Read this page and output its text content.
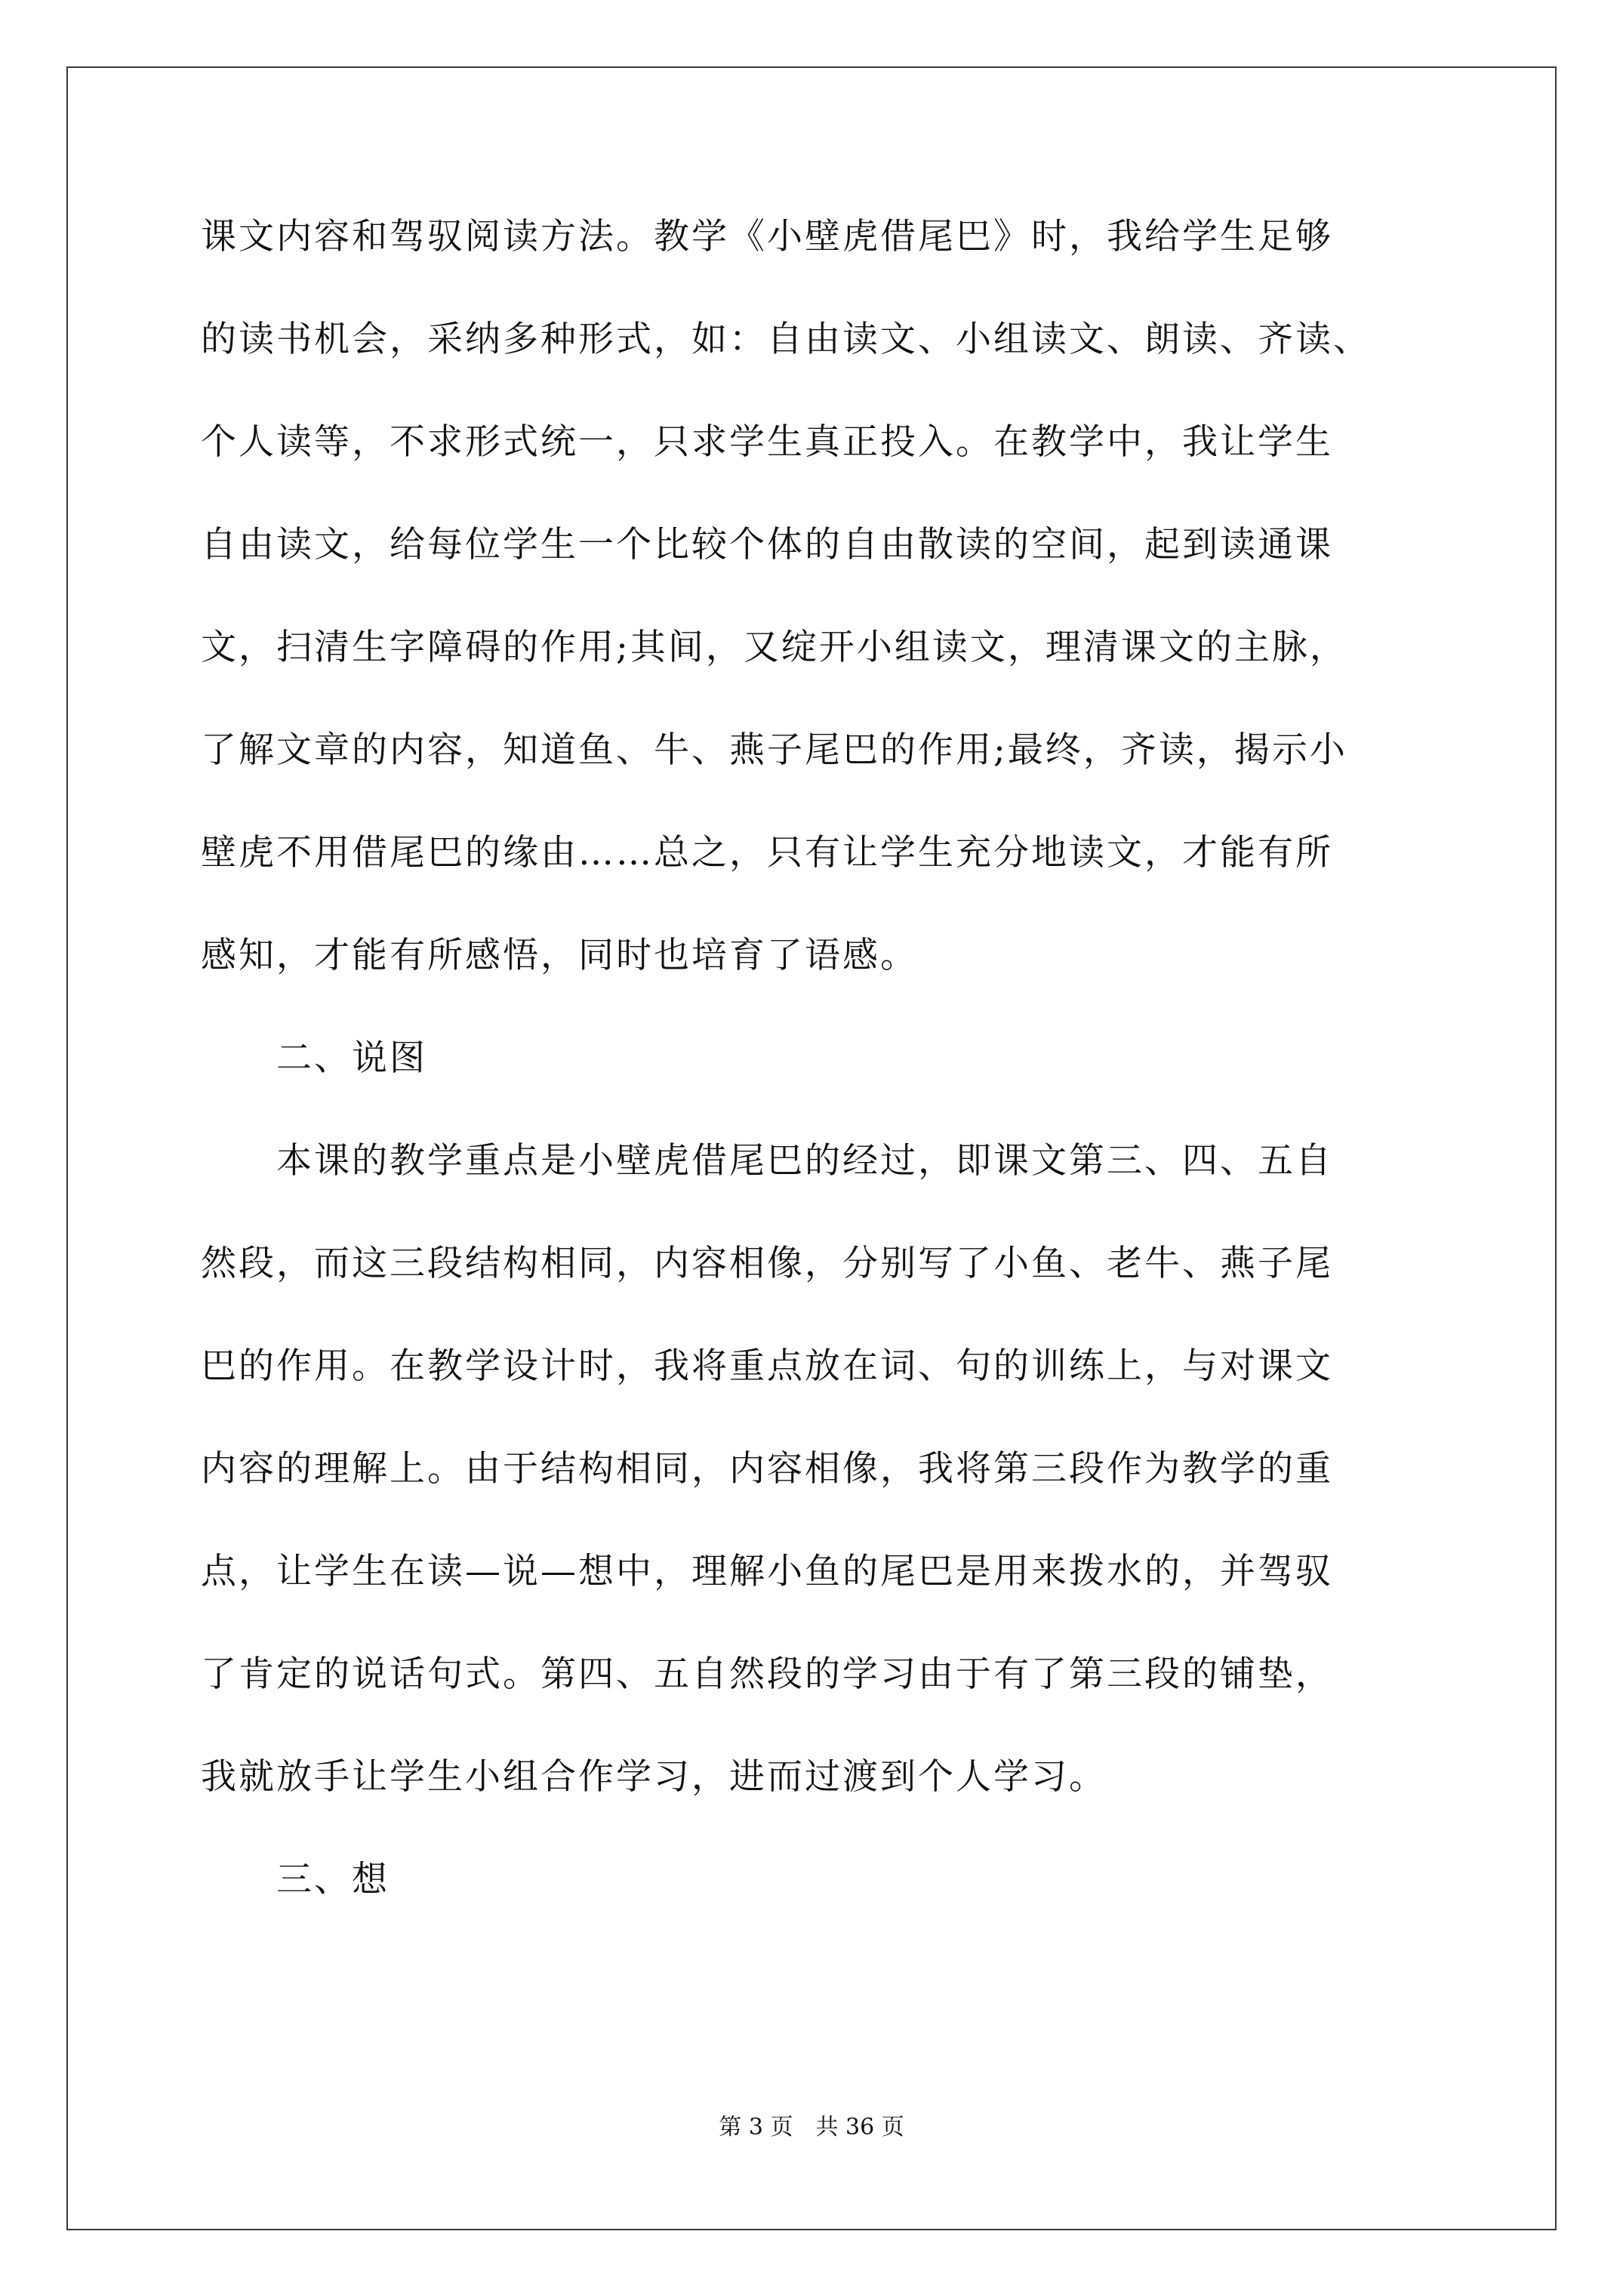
课文内容和驾驭阅读方法。教学《小壁虎借尾巴》时，我给学生足够
的读书机会，采纳多种形式，如：自由读文、小组读文、朗读、齐读、
个人读等，不求形式统一，只求学生真正投入。在教学中，我让学生
自由读文，给每位学生一个比较个体的自由散读的空间，起到读通课
文，扫清生字障碍的作用;其间，又绽开小组读文，理清课文的主脉，
了解文章的内容，知道鱼、牛、燕子尾巴的作用;最终，齐读，揭示小
壁虎不用借尾巴的缘由……总之，只有让学生充分地读文，才能有所
感知，才能有所感悟，同时也培育了语感。
二、说图
本课的教学重点是小壁虎借尾巴的经过，即课文第三、四、五自
然段，而这三段结构相同，内容相像，分别写了小鱼、老牛、燕子尾
巴的作用。在教学设计时，我将重点放在词、句的训练上，与对课文
内容的理解上。由于结构相同，内容相像，我将第三段作为教学的重
点，让学生在读—说—想中，理解小鱼的尾巴是用来拨水的，并驾驭
了肯定的说话句式。第四、五自然段的学习由于有了第三段的铺垫，
我就放手让学生小组合作学习，进而过渡到个人学习。
三、想
第 3 页 共 36 页
